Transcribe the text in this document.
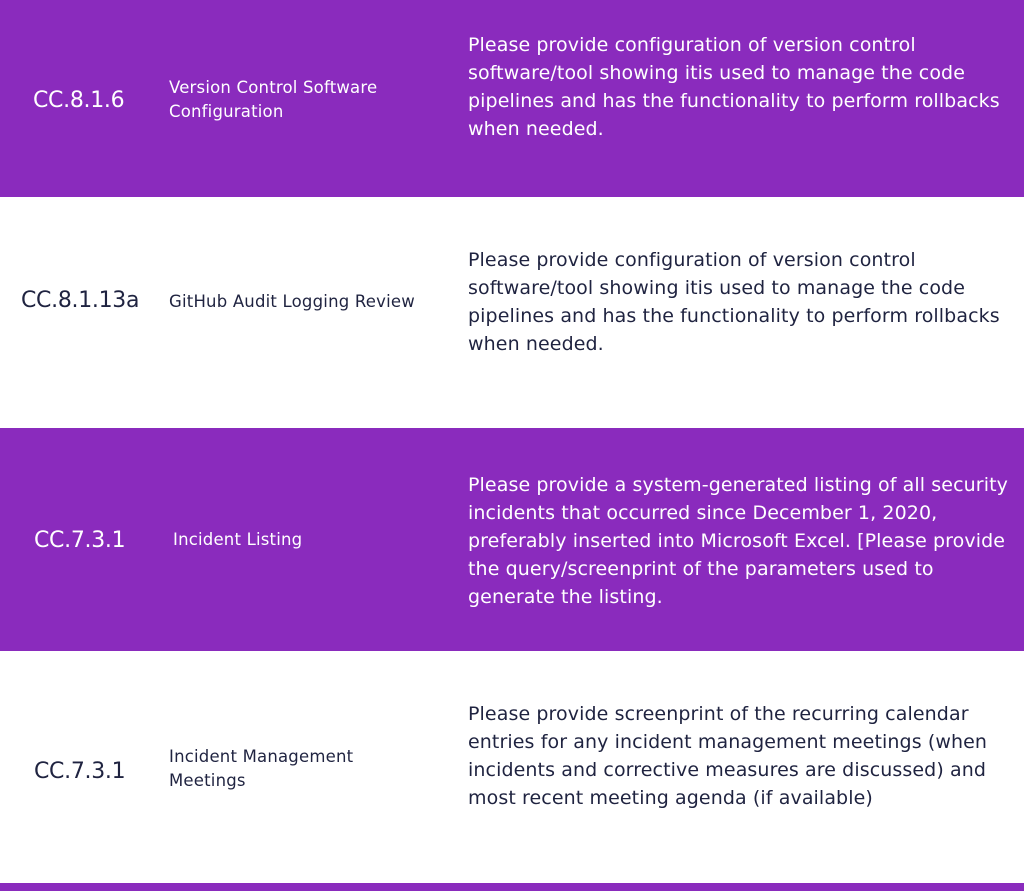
CC.8.1.6
Version Control Software Configuration
Please provide configuration of version control software/tool showing itis used to manage the code pipelines and has the functionality to perform rollbacks when needed.
CC.8.1.13a GitHub Audit Logging Review
Please provide configuration of version control software/tool showing itis used to manage the code pipelines and has the functionality to perform rollbacks when needed.
CC.7.3.1	Incident Listing
Please provide a system-generated listing of all security incidents that occurred since December 1, 2020, preferably inserted into Microsoft Excel. [Please provide the query/screenprint of the parameters used to generate the listing.
CC.7.3.1
Incident Management Meetings
Please provide screenprint of the recurring calendar entries for any incident management meetings (when incidents and corrective measures are discussed) and most recent meeting agenda (if available)
